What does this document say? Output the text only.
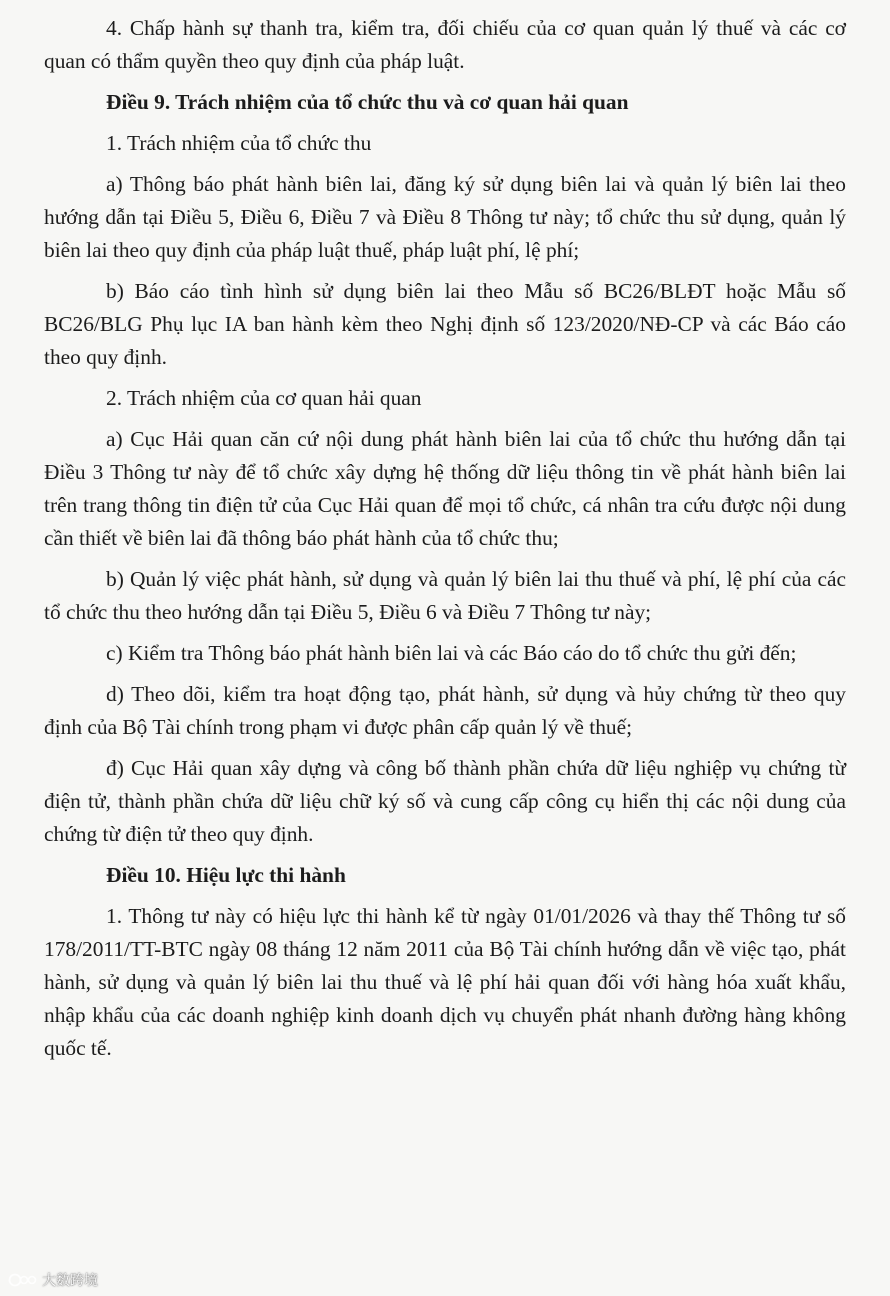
4. Chấp hành sự thanh tra, kiểm tra, đối chiếu của cơ quan quản lý thuế và các cơ quan có thẩm quyền theo quy định của pháp luật.

Điều 9. Trách nhiệm của tổ chức thu và cơ quan hải quan

1. Trách nhiệm của tổ chức thu

a) Thông báo phát hành biên lai, đăng ký sử dụng biên lai và quản lý biên lai theo hướng dẫn tại Điều 5, Điều 6, Điều 7 và Điều 8 Thông tư này; tổ chức thu sử dụng, quản lý biên lai theo quy định của pháp luật thuế, pháp luật phí, lệ phí;

b) Báo cáo tình hình sử dụng biên lai theo Mẫu số BC26/BLĐT hoặc Mẫu số BC26/BLG Phụ lục IA ban hành kèm theo Nghị định số 123/2020/NĐ-CP và các Báo cáo theo quy định.

2. Trách nhiệm của cơ quan hải quan

a) Cục Hải quan căn cứ nội dung phát hành biên lai của tổ chức thu hướng dẫn tại Điều 3 Thông tư này để tổ chức xây dựng hệ thống dữ liệu thông tin về phát hành biên lai trên trang thông tin điện tử của Cục Hải quan để mọi tổ chức, cá nhân tra cứu được nội dung cần thiết về biên lai đã thông báo phát hành của tổ chức thu;

b) Quản lý việc phát hành, sử dụng và quản lý biên lai thu thuế và phí, lệ phí của các tổ chức thu theo hướng dẫn tại Điều 5, Điều 6 và Điều 7 Thông tư này;

c) Kiểm tra Thông báo phát hành biên lai và các Báo cáo do tổ chức thu gửi đến;

d) Theo dõi, kiểm tra hoạt động tạo, phát hành, sử dụng và hủy chứng từ theo quy định của Bộ Tài chính trong phạm vi được phân cấp quản lý về thuế;

đ) Cục Hải quan xây dựng và công bố thành phần chứa dữ liệu nghiệp vụ chứng từ điện tử, thành phần chứa dữ liệu chữ ký số và cung cấp công cụ hiển thị các nội dung của chứng từ điện tử theo quy định.

Điều 10. Hiệu lực thi hành

1. Thông tư này có hiệu lực thi hành kể từ ngày 01/01/2026 và thay thế Thông tư số 178/2011/TT-BTC ngày 08 tháng 12 năm 2011 của Bộ Tài chính hướng dẫn về việc tạo, phát hành, sử dụng và quản lý biên lai thu thuế và lệ phí hải quan đối với hàng hóa xuất khẩu, nhập khẩu của các doanh nghiệp kinh doanh dịch vụ chuyển phát nhanh đường hàng không quốc tế.

大数跨境
